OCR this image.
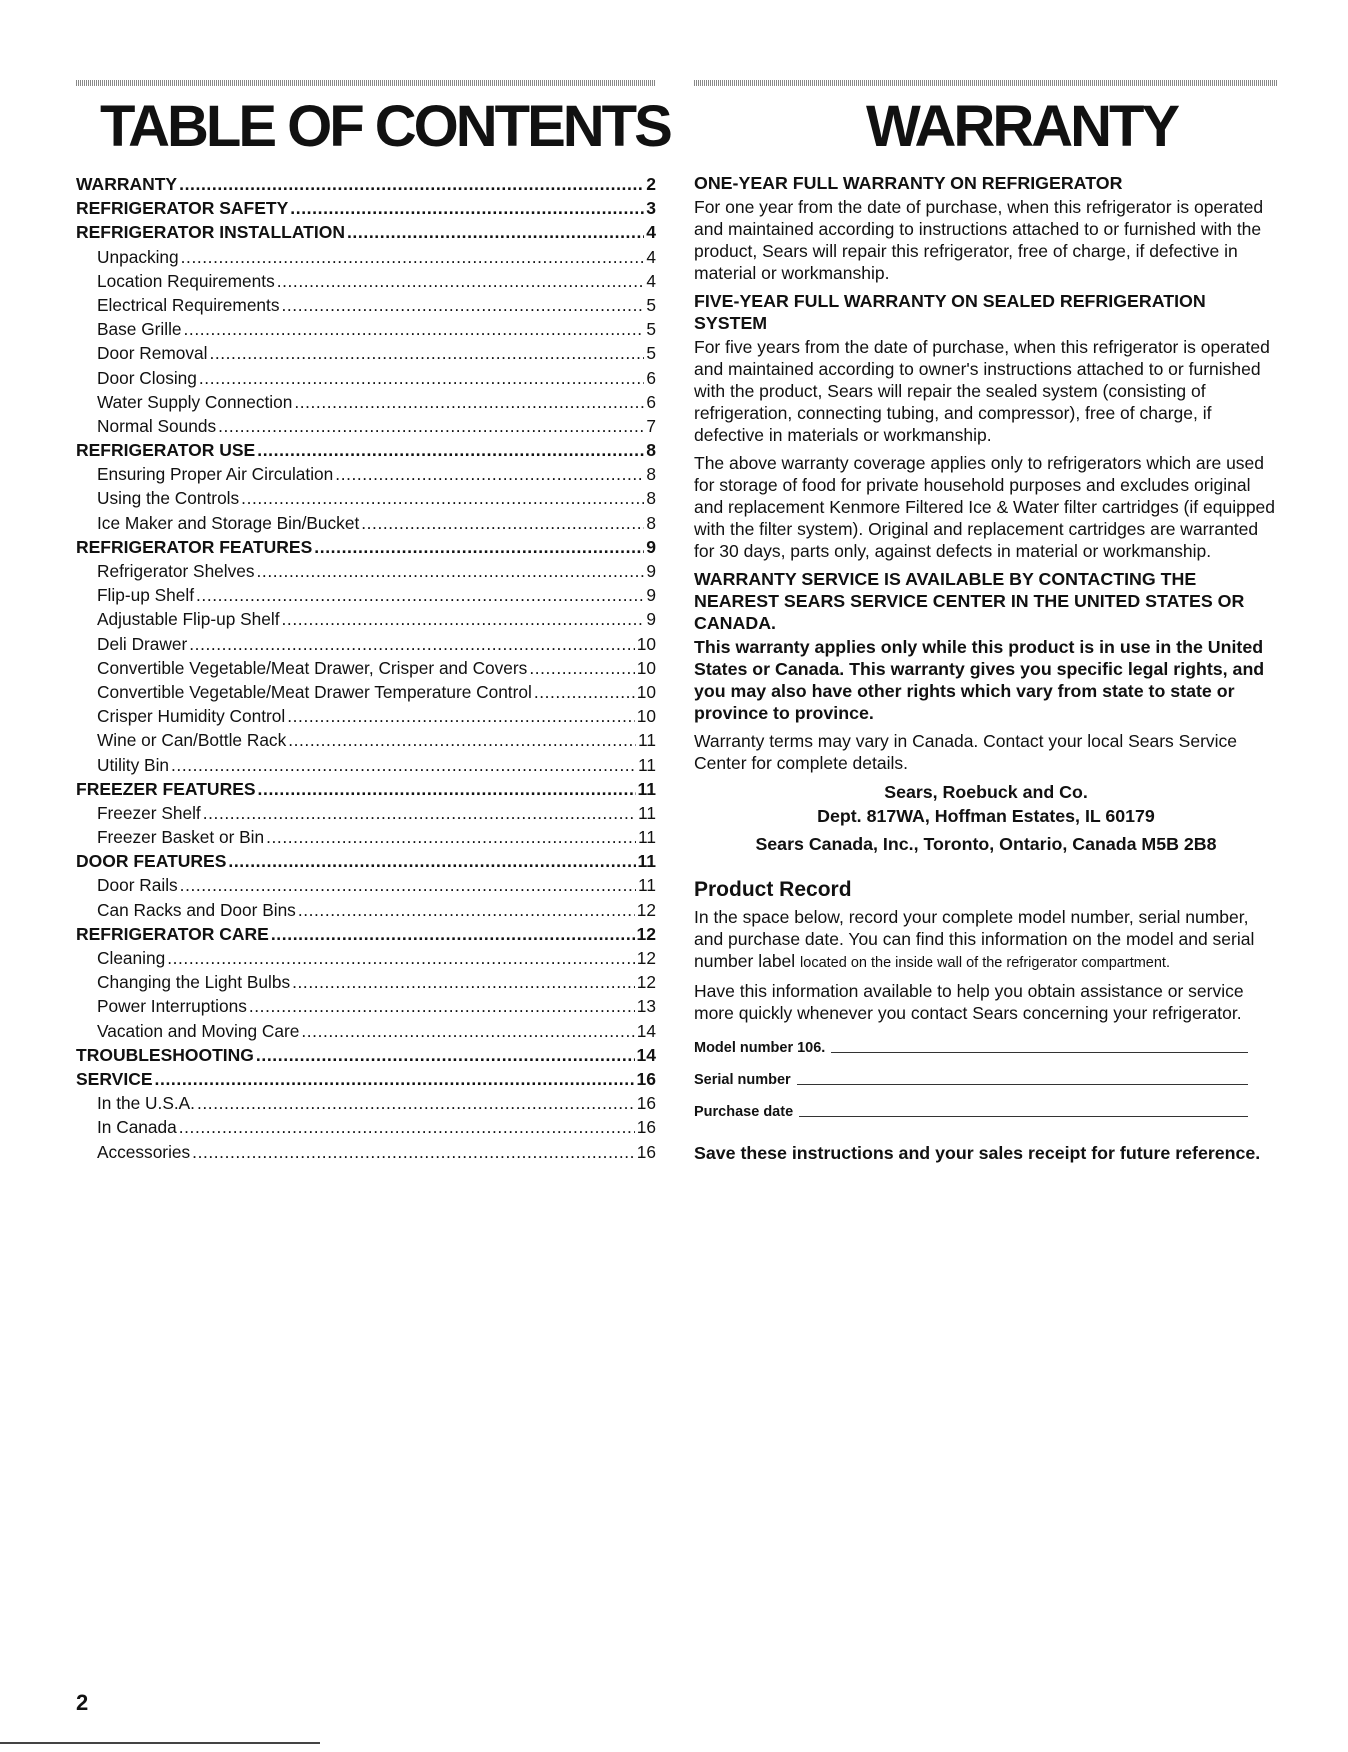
TABLE OF CONTENTS	WARRANTY
WARRANTY .....	2
REFRIGERATOR SAFETY .....	3
REFRIGERATOR INSTALLATION .....	4
Unpacking .....	4
Location Requirements .....	4
Electrical Requirements .....	5
Base Grille .....	5
Door Removal .....	5
Door Closing .....	6
Water Supply Connection .....	6
Normal Sounds .....	7
REFRIGERATOR USE .....	8
Ensuring Proper Air Circulation .....	8
Using the Controls .....	8
Ice Maker and Storage Bin/Bucket .....	8
REFRIGERATOR FEATURES .....	9
Refrigerator Shelves .....	9
Flip-up Shelf .....	9
Adjustable Flip-up Shelf .....	9
Deli Drawer .....	10
Convertible Vegetable/Meat Drawer, Crisper and Covers .....	10
Convertible Vegetable/Meat Drawer Temperature Control .....	10
Crisper Humidity Control .....	10
Wine or Can/Bottle Rack .....	11
Utility Bin .....	11
FREEZER FEATURES .....	11
Freezer Shelf .....	11
Freezer Basket or Bin .....	11
DOOR FEATURES .....	11
Door Rails .....	11
Can Racks and Door Bins .....	12
REFRIGERATOR CARE .....	12
Cleaning .....	12
Changing the Light Bulbs .....	12
Power Interruptions .....	13
Vacation and Moving Care .....	14
TROUBLESHOOTING .....	14
SERVICE .....	16
In the U.S.A. .....	16
In Canada .....	16
Accessories .....	16

ONE-YEAR FULL WARRANTY ON REFRIGERATOR

For one year from the date of purchase, when this refrigerator is operated and maintained according to instructions attached to or furnished with the product, Sears will repair this refrigerator, free of charge, if defective in material or workmanship.

FIVE-YEAR FULL WARRANTY ON SEALED REFRIGERATION SYSTEM

For five years from the date of purchase, when this refrigerator is operated and maintained according to owner's instructions attached to or furnished with the product, Sears will repair the sealed system (consisting of refrigeration, connecting tubing, and compressor), free of charge, if defective in materials or workmanship.

The above warranty coverage applies only to refrigerators which are used for storage of food for private household purposes and excludes original and replacement Kenmore Filtered Ice & Water filter cartridges (if equipped with the filter system). Original and replacement cartridges are warranted for 30 days, parts only, against defects in material or workmanship.

WARRANTY SERVICE IS AVAILABLE BY CONTACTING THE NEAREST SEARS SERVICE CENTER IN THE UNITED STATES OR CANADA.

This warranty applies only while this product is in use in the United States or Canada. This warranty gives you specific legal rights, and you may also have other rights which vary from state to state or province to province.

Warranty terms may vary in Canada. Contact your local Sears Service Center for complete details.

Sears, Roebuck and Co.

Dept. 817WA, Hoffman Estates, IL 60179

Sears Canada, Inc., Toronto, Ontario, Canada M5B 2B8

Product Record

In the space below, record your complete model number, serial number, and purchase date. You can find this information on the model and serial number label located on the inside wall of the refrigerator compartment.

Have this information available to help you obtain assistance or service more quickly whenever you contact Sears concerning your refrigerator.

Model number 106.
Serial number
Purchase date

Save these instructions and your sales receipt for future reference.

2
